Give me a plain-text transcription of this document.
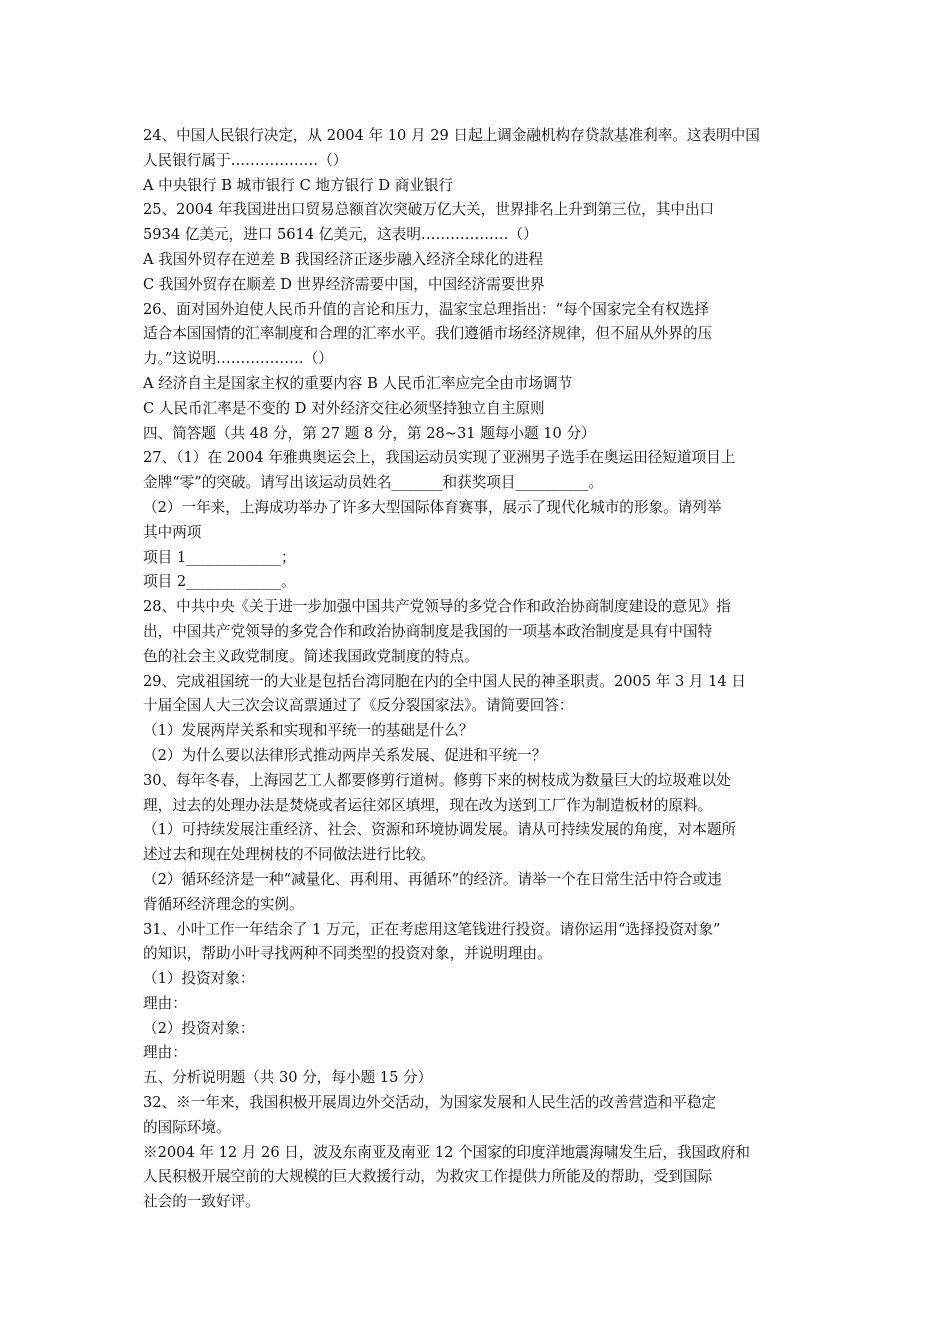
24、中国人民银行决定，从 2004 年 10 月 29 日起上调金融机构存贷款基准利率。这表明中国
人民银行属于………………（）
A 中央银行 B 城市银行 C 地方银行 D 商业银行
25、2004 年我国进出口贸易总额首次突破万亿大关，世界排名上升到第三位，其中出口
5934 亿美元，进口 5614 亿美元，这表明………………（）
A 我国外贸存在逆差 B 我国经济正逐步融入经济全球化的进程
C 我国外贸存在顺差 D 世界经济需要中国，中国经济需要世界
26、面对国外迫使人民币升值的言论和压力，温家宝总理指出：“每个国家完全有权选择
适合本国国情的汇率制度和合理的汇率水平。我们遵循市场经济规律，但不屈从外界的压
力。”这说明………………（）
A 经济自主是国家主权的重要内容 B 人民币汇率应完全由市场调节
C 人民币汇率是不变的 D 对外经济交往必须坚持独立自主原则
四、简答题（共 48 分，第 27 题 8 分，第 28~31 题每小题 10 分）
27、（1）在 2004 年雅典奥运会上，我国运动员实现了亚洲男子选手在奥运田径短道项目上
金牌“零”的突破。请写出该运动员姓名_______和获奖项目__________。
（2）一年来，上海成功举办了许多大型国际体育赛事，展示了现代化城市的形象。请列举
其中两项
项目 1_____________；
项目 2_____________。
28、中共中央《关于进一步加强中国共产党领导的多党合作和政治协商制度建设的意见》指
出，中国共产党领导的多党合作和政治协商制度是我国的一项基本政治制度是具有中国特
色的社会主义政党制度。简述我国政党制度的特点。
29、完成祖国统一的大业是包括台湾同胞在内的全中国人民的神圣职责。2005 年 3 月 14 日
十届全国人大三次会议高票通过了《反分裂国家法》。请简要回答：
（1）发展两岸关系和实现和平统一的基础是什么？
（2）为什么要以法律形式推动两岸关系发展、促进和平统一？
30、每年冬春，上海园艺工人都要修剪行道树。修剪下来的树枝成为数量巨大的垃圾难以处
理，过去的处理办法是焚烧或者运往郊区填埋，现在改为送到工厂作为制造板材的原料。
（1）可持续发展注重经济、社会、资源和环境协调发展。请从可持续发展的角度，对本题所
述过去和现在处理树枝的不同做法进行比较。
（2）循环经济是一种“减量化、再利用、再循环”的经济。请举一个在日常生活中符合或违
背循环经济理念的实例。
31、小叶工作一年结余了 1 万元，正在考虑用这笔钱进行投资。请你运用“选择投资对象”
的知识，帮助小叶寻找两种不同类型的投资对象，并说明理由。
（1）投资对象：
理由：
（2）投资对象：
理由：
五、分析说明题（共 30 分，每小题 15 分）
32、※一年来，我国积极开展周边外交活动，为国家发展和人民生活的改善营造和平稳定
的国际环境。
※2004 年 12 月 26 日，波及东南亚及南亚 12 个国家的印度洋地震海啸发生后，我国政府和
人民积极开展空前的大规模的巨大救援行动，为救灾工作提供力所能及的帮助，受到国际
社会的一致好评。
